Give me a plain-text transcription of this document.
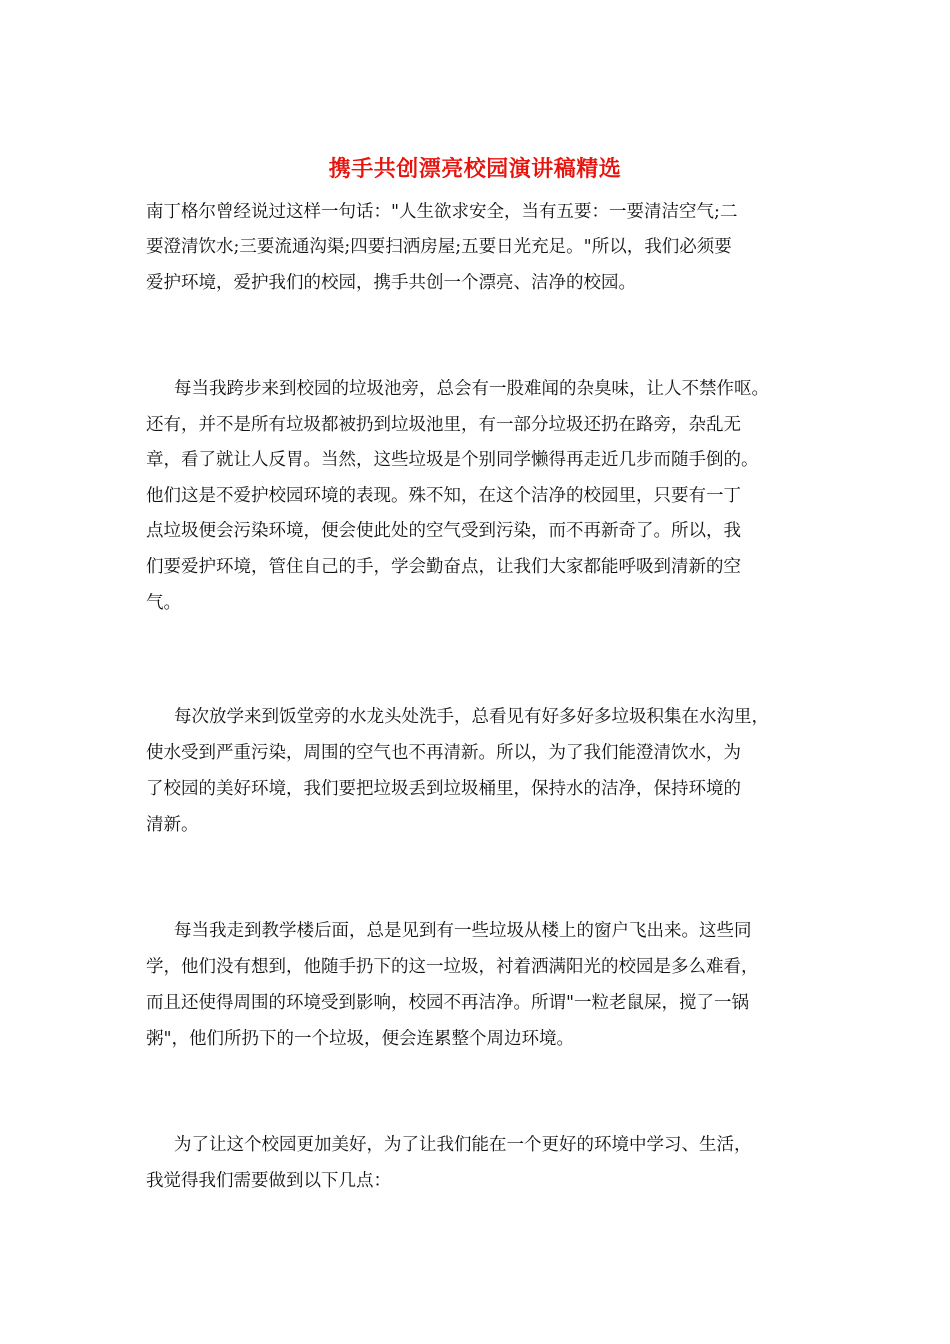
携手共创漂亮校园演讲稿精选
南丁格尔曾经说过这样一句话："人生欲求安全，当有五要：一要清洁空气;二
要澄清饮水;三要流通沟渠;四要扫洒房屋;五要日光充足。"所以，我们必须要
爱护环境，爱护我们的校园，携手共创一个漂亮、洁净的校园。
每当我跨步来到校园的垃圾池旁，总会有一股难闻的杂臭味，让人不禁作呕。
还有，并不是所有垃圾都被扔到垃圾池里，有一部分垃圾还扔在路旁，杂乱无
章，看了就让人反胃。当然，这些垃圾是个别同学懒得再走近几步而随手倒的。
他们这是不爱护校园环境的表现。殊不知，在这个洁净的校园里，只要有一丁
点垃圾便会污染环境，便会使此处的空气受到污染，而不再新奇了。所以，我
们要爱护环境，管住自己的手，学会勤奋点，让我们大家都能呼吸到清新的空
气。
每次放学来到饭堂旁的水龙头处洗手，总看见有好多好多垃圾积集在水沟里，
使水受到严重污染，周围的空气也不再清新。所以，为了我们能澄清饮水，为
了校园的美好环境，我们要把垃圾丢到垃圾桶里，保持水的洁净，保持环境的
清新。
每当我走到教学楼后面，总是见到有一些垃圾从楼上的窗户飞出来。这些同
学，他们没有想到，他随手扔下的这一垃圾，衬着洒满阳光的校园是多么难看，
而且还使得周围的环境受到影响，校园不再洁净。所谓"一粒老鼠屎，搅了一锅
粥"，他们所扔下的一个垃圾，便会连累整个周边环境。
为了让这个校园更加美好，为了让我们能在一个更好的环境中学习、生活，
我觉得我们需要做到以下几点：
